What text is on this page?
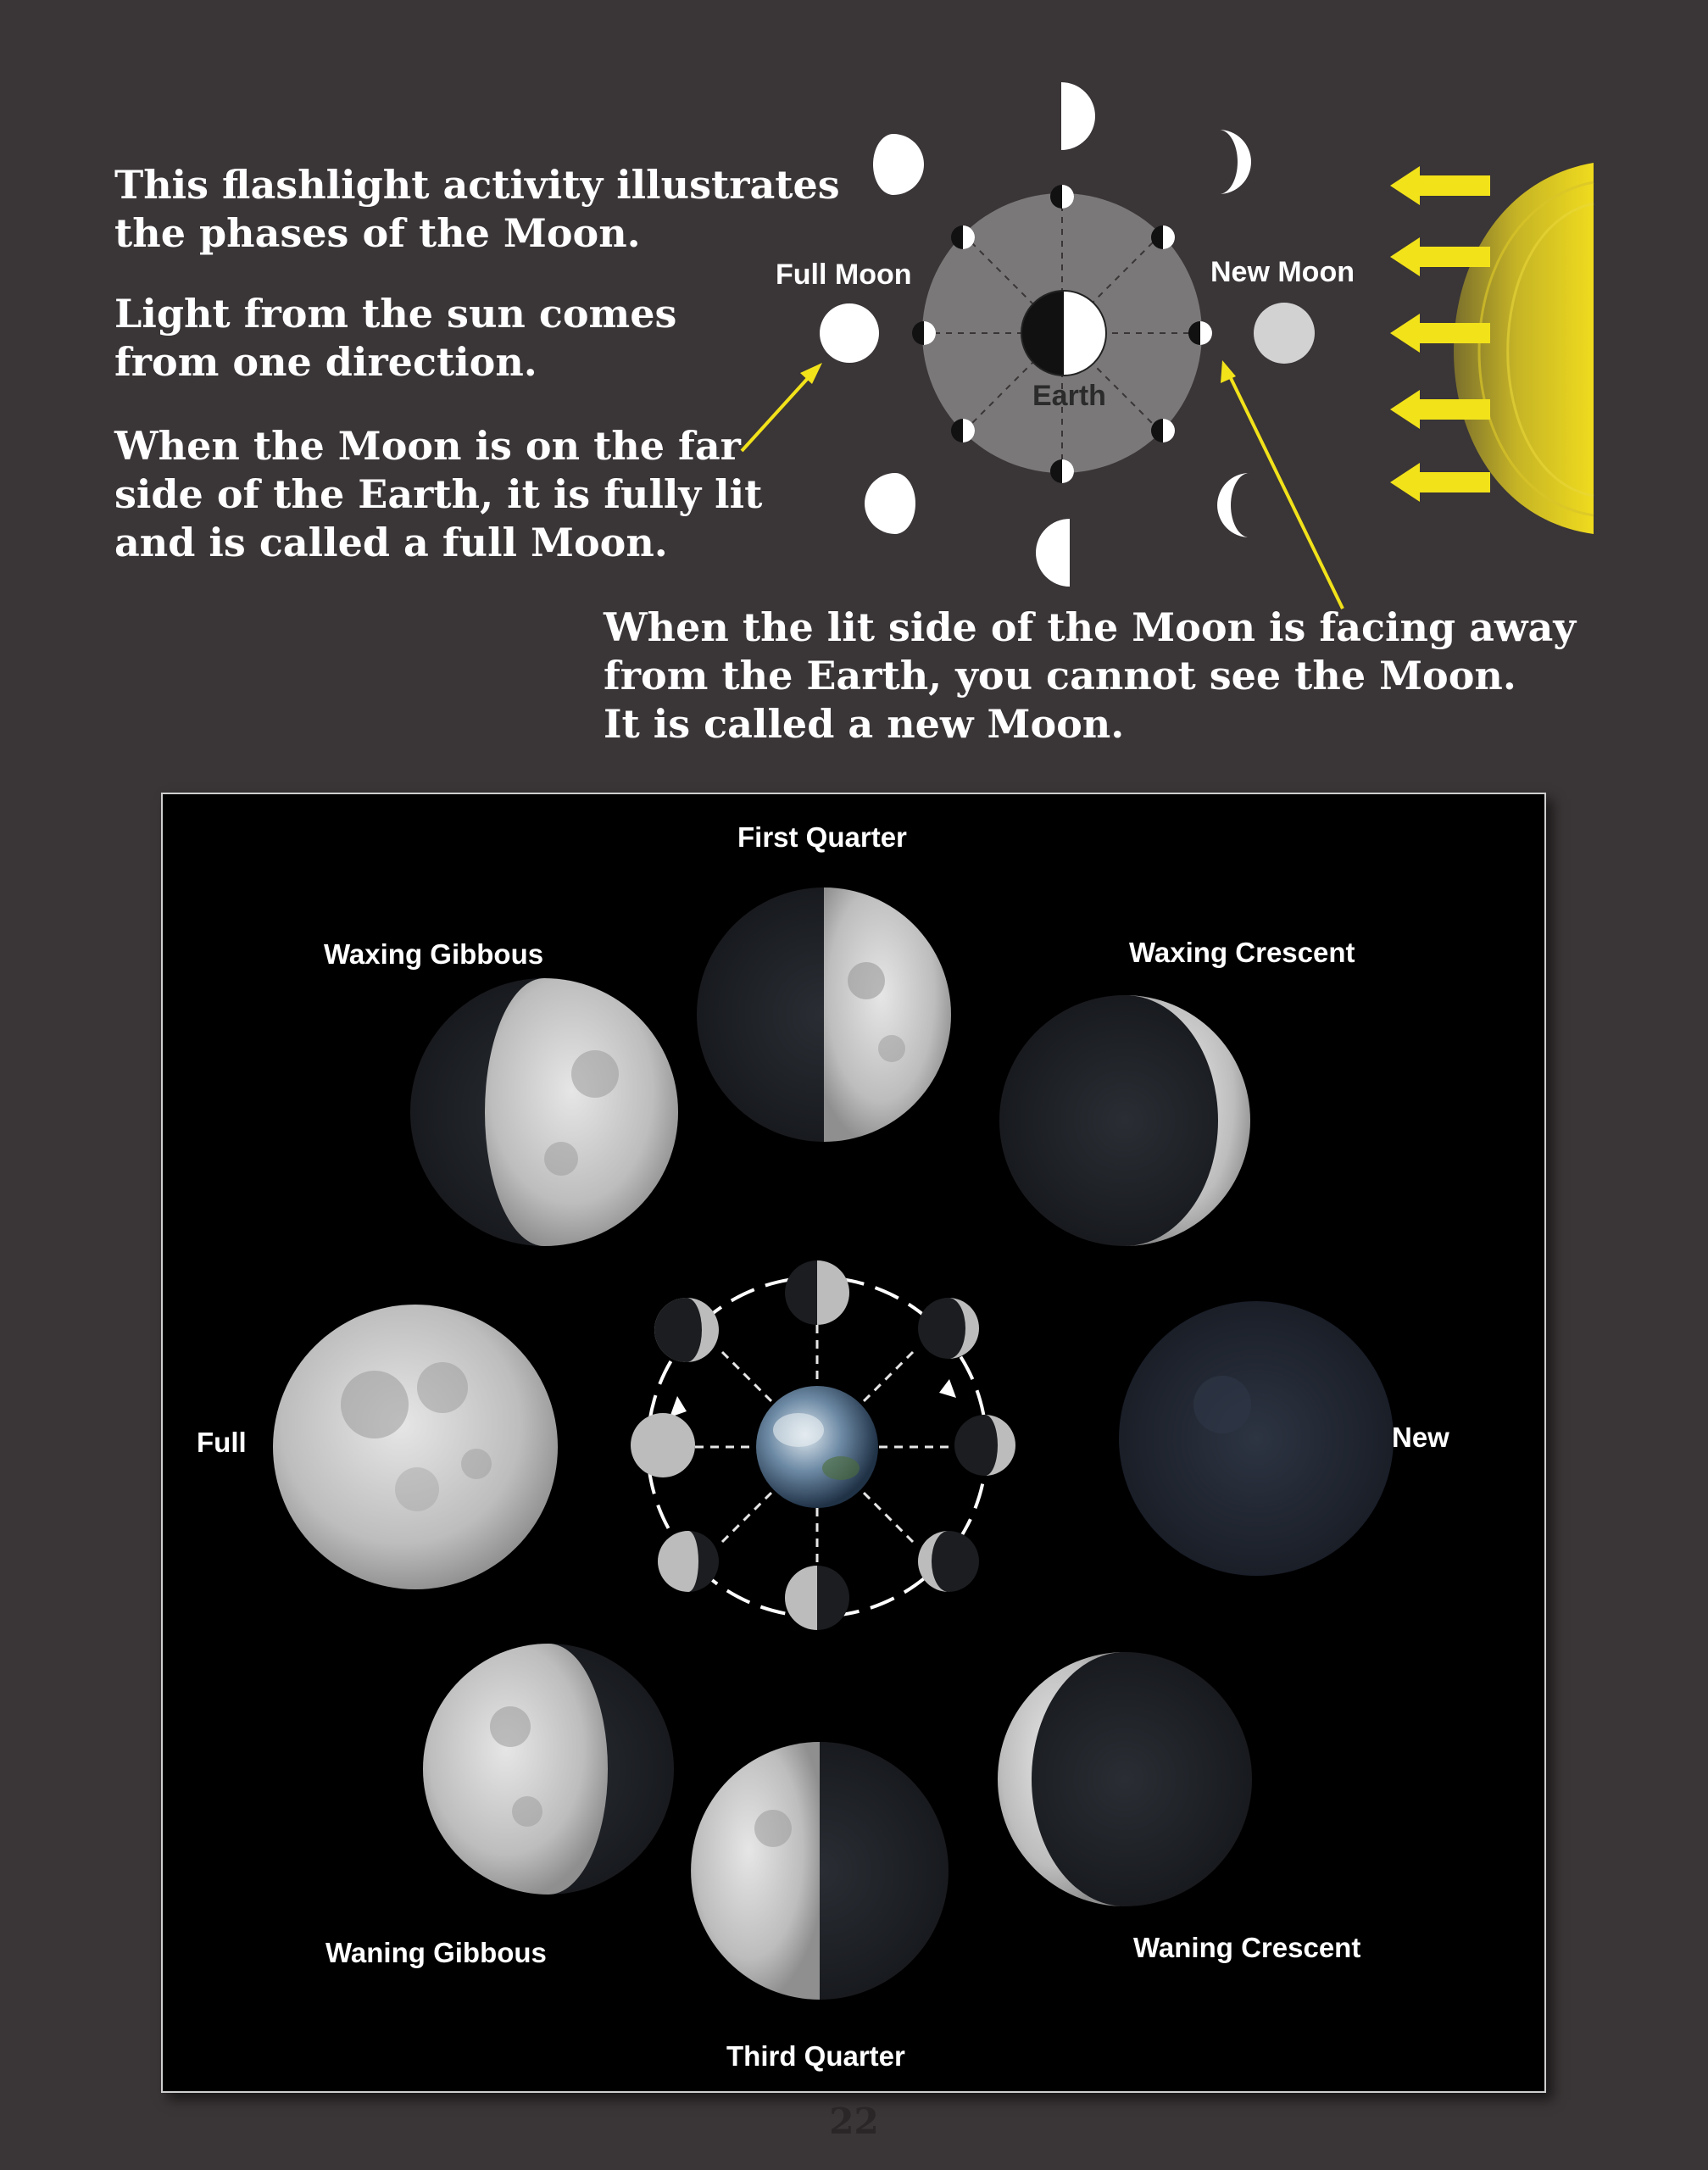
This flashlight activity illustrates
the phases of the Moon.

Light from the sun comes
from one direction.

When the Moon is on the far
side of the Earth, it is fully lit
and is called a full Moon.

When the lit side of the Moon is facing away
from the Earth, you cannot see the Moon.
It is called a new Moon.

Full Moon	New Moon
Earth
First Quarter
Waxing Gibbous	Waxing Crescent
Full	New
Waning Gibbous	Waning Crescent
Third Quarter
22
